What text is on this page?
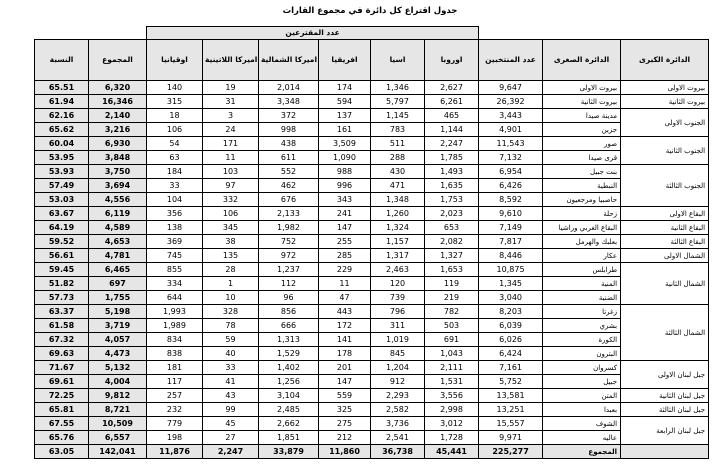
جدول اقتراع كل دائرة في مجموع القارات
		عدد المقترعين								
النسبة	المجموع	اوقيانيا	اميركا اللاتينية	اميركا الشمالية	افريقيا	اسيا	اوروبا	عدد المنتخبين	الدائرة الصغرى	الدائرة الكبرى
65.51	6,320	140	19	2,014	174	1,346	2,627	9,647	بيروت الاولى	بيروت الاولى
61.94	16,346	315	31	3,348	594	5,797	6,261	26,392	بيروت الثانية	بيروت الثانية
62.16	2,140	18	3	372	137	1,145	465	3,443	مدينة صيدا	الجنوب الاولى
65.62	3,216	106	24	998	161	783	1,144	4,901	جزين	
60.04	6,930	54	171	438	3,509	511	2,247	11,543	صور	الجنوب الثانية
53.95	3,848	63	11	611	1,090	288	1,785	7,132	قرى صيدا	
53.93	3,750	184	103	552	988	430	1,493	6,954	بنت جبيل	الجنوب الثالثة
57.49	3,694	33	97	462	996	471	1,635	6,426	النبطية	
53.03	4,556	104	332	676	343	1,348	1,753	8,592	حاصبيا ومرجعيون	
63.67	6,119	356	106	2,133	241	1,260	2,023	9,610	زحلة	البقاع الاولى
64.19	4,589	138	345	1,982	147	1,324	653	7,149	البقاع الغربي وراشيا	البقاع الثانية
59.52	4,653	369	38	752	255	1,157	2,082	7,817	بعلبك والهرمل	البقاع الثالثة
56.61	4,781	745	135	972	285	1,317	1,327	8,446	عكار	الشمال الاولى
59.45	6,465	855	28	1,237	229	2,463	1,653	10,875	طرابلس	الشمال الثانية
51.82	697	334	1	112	11	120	119	1,345	المنية	
57.73	1,755	644	10	96	47	739	219	3,040	الضنية	
63.37	5,198	1,993	328	856	443	796	782	8,203	زغرتا	الشمال الثالثة
61.58	3,719	1,989	78	666	172	311	503	6,039	بشري	
67.32	4,057	834	59	1,313	141	1,019	691	6,026	الكورة	
69.63	4,473	838	40	1,529	178	845	1,043	6,424	البترون	
71.67	5,132	181	33	1,402	201	1,204	2,111	7,161	كسروان	جبل لبنان الاولى
69.61	4,004	117	41	1,256	147	912	1,531	5,752	جبيل	
72.25	9,812	257	43	3,104	559	2,293	3,556	13,581	المتن	جبل لبنان الثانية
65.81	8,721	232	99	2,485	325	2,582	2,998	13,251	بعبدا	جبل لبنان الثالثة
67.55	10,509	779	45	2,662	275	3,736	3,012	15,557	الشوف	جبل لبنان الرابعة
65.76	6,557	198	27	1,851	212	2,541	1,728	9,971	عاليه	
63.05	142,041	11,876	2,247	33,879	11,860	36,738	45,441	225,277	المجموع	
